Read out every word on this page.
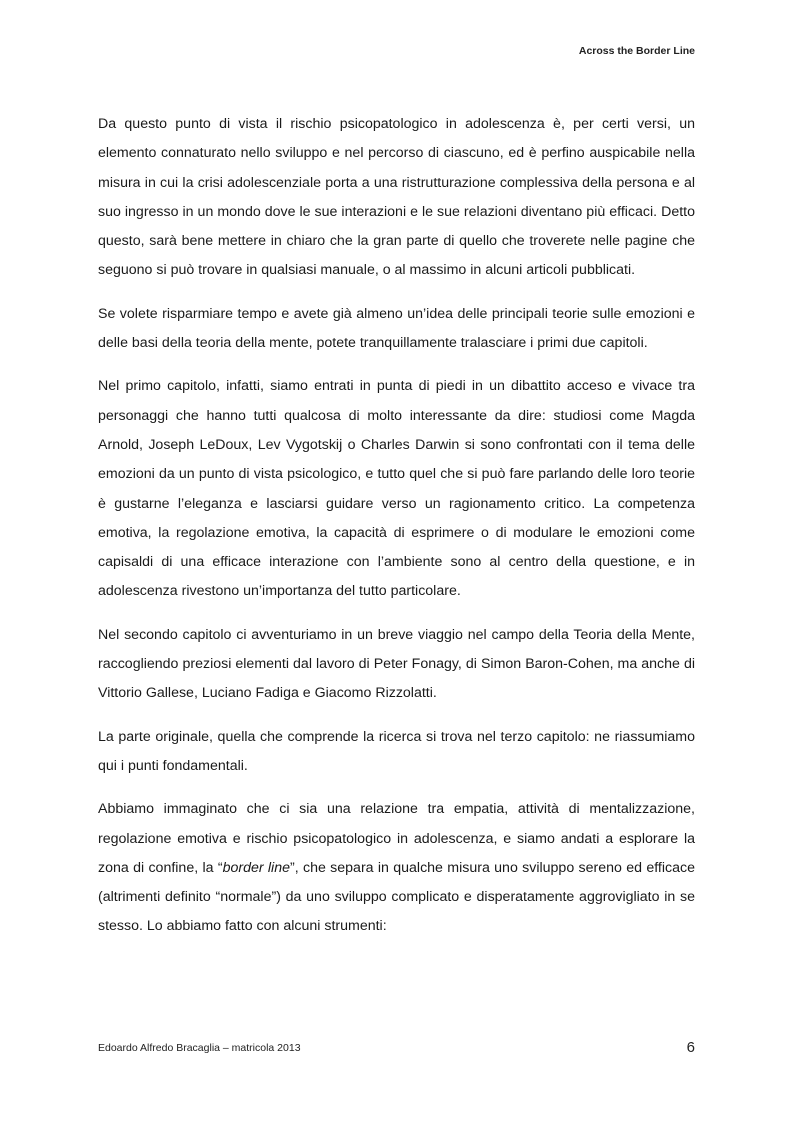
Across the Border Line

Da questo punto di vista il rischio psicopatologico in adolescenza è, per certi versi, un elemento connaturato nello sviluppo e nel percorso di ciascuno, ed è perfino auspicabile nella misura in cui la crisi adolescenziale porta a una ristrutturazione complessiva della persona e al suo ingresso in un mondo dove le sue interazioni e le sue relazioni diventano più efficaci. Detto questo, sarà bene mettere in chiaro che la gran parte di quello che troverete nelle pagine che seguono si può trovare in qualsiasi manuale, o al massimo in alcuni articoli pubblicati.

Se volete risparmiare tempo e avete già almeno un’idea delle principali teorie sulle emozioni e delle basi della teoria della mente, potete tranquillamente tralasciare i primi due capitoli.

Nel primo capitolo, infatti, siamo entrati in punta di piedi in un dibattito acceso e vivace tra personaggi che hanno tutti qualcosa di molto interessante da dire: studiosi come Magda Arnold, Joseph LeDoux, Lev Vygotskij o Charles Darwin si sono confrontati con il tema delle emozioni da un punto di vista psicologico, e tutto quel che si può fare parlando delle loro teorie è gustarne l’eleganza e lasciarsi guidare verso un ragionamento critico. La competenza emotiva, la regolazione emotiva, la capacità di esprimere o di modulare le emozioni come capisaldi di una efficace interazione con l’ambiente sono al centro della questione, e in adolescenza rivestono un’importanza del tutto particolare.

Nel secondo capitolo ci avventuriamo in un breve viaggio nel campo della Teoria della Mente, raccogliendo preziosi elementi dal lavoro di Peter Fonagy, di Simon Baron-Cohen, ma anche di Vittorio Gallese, Luciano Fadiga e Giacomo Rizzolatti.

La parte originale, quella che comprende la ricerca si trova nel terzo capitolo: ne riassumiamo qui i punti fondamentali.

Abbiamo immaginato che ci sia una relazione tra empatia, attività di mentalizzazione, regolazione emotiva e rischio psicopatologico in adolescenza, e siamo andati a esplorare la zona di confine, la “border line”, che separa in qualche misura uno sviluppo sereno ed efficace (altrimenti definito “normale”) da uno sviluppo complicato e disperatamente aggrovigliato in se stesso. Lo abbiamo fatto con alcuni strumenti:

Edoardo Alfredo Bracaglia – matricola 2013	6
